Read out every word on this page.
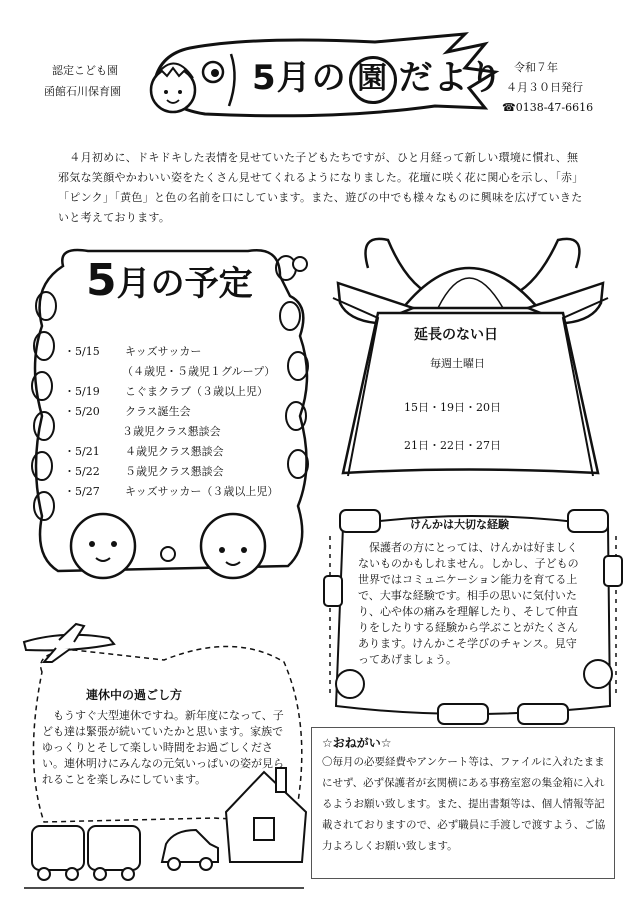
認定こども園
函館石川保育園	5月の 園 だより 令和７年
４月３０日発行
☎0138-47-6616
　４月初めに、ドキドキした表情を見せていた子どもたちですが、ひと月経って新しい環境に慣れ、無邪気な笑顔やかわいい姿をたくさん見せてくれるようになりました。花壇に咲く花に関心を示し、「赤」「ピンク」「黄色」と色の名前を口にしています。また、遊びの中でも様々なものに興味を広げていきたいと考えております。
5月の予定
・5/15 キッズサッカー
（４歳児・５歳児１グループ）
・5/19 こぐまクラブ（３歳以上児）
・5/20 クラス誕生会
３歳児クラス懇談会
・5/21 ４歳児クラス懇談会
・5/22 ５歳児クラス懇談会
・5/27 キッズサッカー（３歳以上児）
延長のない日
毎週土曜日
15日・19日・20日
21日・22日・27日
けんかは大切な経験
　保護者の方にとっては、けんかは好ましくないものかもしれません。しかし、子どもの世界ではコミュニケーション能力を育てる上で、大事な経験です。相手の思いに気付いたり、心や体の痛みを理解したり、そして仲直りをしたりする経験から学ぶことがたくさんあります。けんかこそ学びのチャンス。見守ってあげましょう。
連休中の過ごし方
　もうすぐ大型連休ですね。新年度になって、子ども達は緊張が続いていたかと思います。家族でゆっくりとそして楽しい時間をお過ごしください。連休明けにみんなの元気いっぱいの姿が見られることを楽しみにしています。
☆おねがい☆
〇毎月の必要経費やアンケート等は、ファイルに入れたままにせず、必ず保護者が玄関横にある事務室窓の集金箱に入れるようお願い致します。また、提出書類等は、個人情報等記載されておりますので、必ず職員に手渡しで渡すよう、ご協力よろしくお願い致します。
